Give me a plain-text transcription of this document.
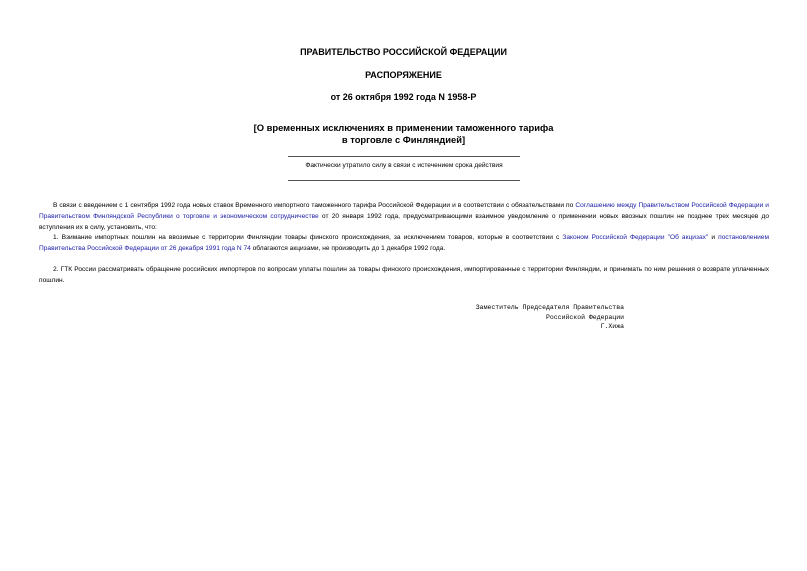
ПРАВИТЕЛЬСТВО РОССИЙСКОЙ ФЕДЕРАЦИИ
РАСПОРЯЖЕНИЕ
от 26 октября 1992 года N 1958-Р
[О временных исключениях в применении таможенного тарифа
в торговле с Финляндией]
Фактически утратило силу в связи с истечением срока действия
В связи с введением с 1 сентября 1992 года новых ставок Временного импортного таможенного тарифа Российской Федерации и в соответствии с обязательствами по Соглашению между Правительством Российской Федерации и Правительством Финляндской Республики о торговле и экономическом сотрудничестве от 20 января 1992 года, предусматривающими взаимное уведомление о применении новых ввозных пошлин не позднее трех месяцев до вступления их в силу, установить, что:
1. Взимание импортных пошлин на ввозимые с территории Финляндии товары финского происхождения, за исключением товаров, которые в соответствии с Законом Российской Федерации "Об акцизах" и постановлением Правительства Российской Федерации от 26 декабря 1991 года N 74 облагаются акцизами, не производить до 1 декабря 1992 года.
2. ГТК России рассматривать обращение российских импортеров по вопросам уплаты пошлин за товары финского происхождения, импортированные с территории Финляндии, и принимать по ним решения о возврате уплаченных пошлин.
Заместитель Председателя Правительства
Российской Федерации
Г.Хижа
